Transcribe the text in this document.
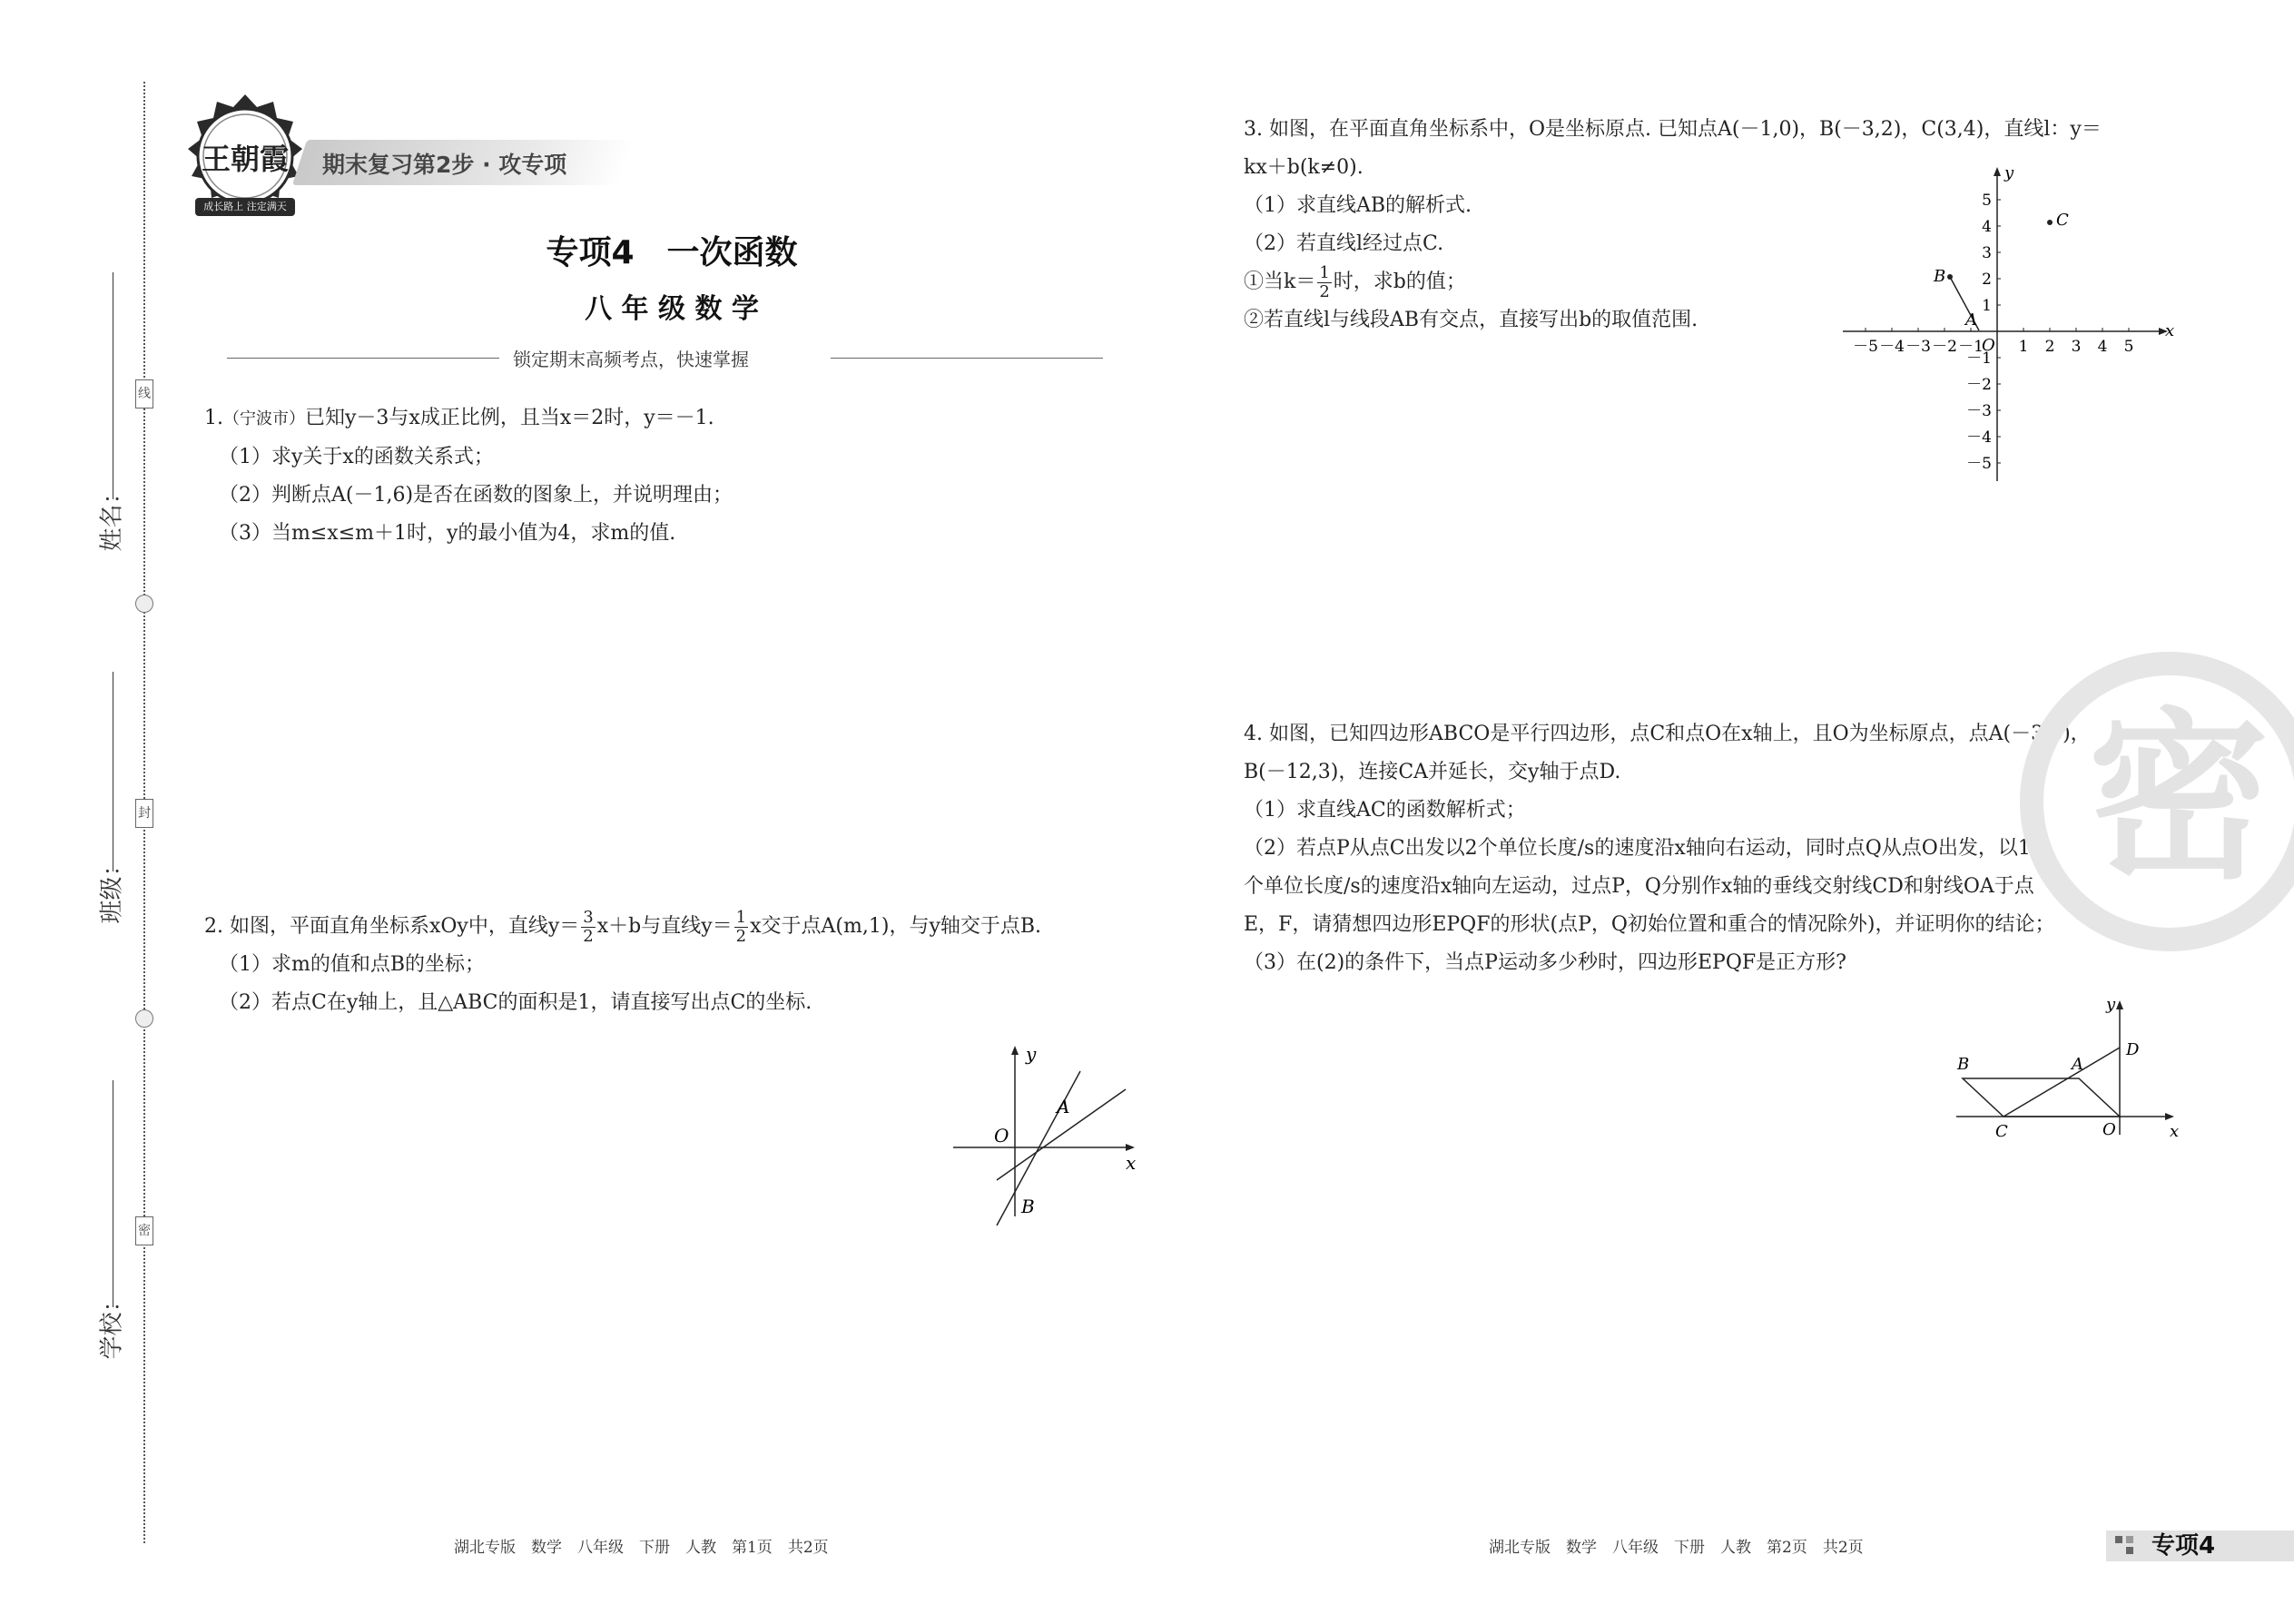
姓名：
班级：
学校：
线
封
密
王朝霞
成长路上 注定满天
期末复习第2步 · 攻专项
专项4　一次函数
八 年 级 数 学
锁定期末高频考点，快速掌握

1.（宁波市）已知y－3与x成正比例，且当x＝2时，y＝－1.

（1）求y关于x的函数关系式；

（2）判断点A(－1,6)是否在函数的图象上，并说明理由；

（3）当m≤x≤m＋1时，y的最小值为4，求m的值.

2. 如图，平面直角坐标系xOy中，直线$y= \frac{3}{2} x+b$与直线$y= \frac{1}{2}$ x交于点A(m,1)，与y轴交于点B.

（1）求m的值和点B的坐标；

（2）若点C在y轴上，且△ABC的面积是1，请直接写出点C的坐标.

y
x
O
A
B

3. 如图，在平面直角坐标系中，O是坐标原点. 已知点A(－1,0)，B(－3,2)，C(3,4)，直线l：y＝

kx＋b(k≠0).

（1）求直线AB的解析式.

（2）若直线l经过点C.

①当$k= \frac{1}{2}$ 时，求b的值；

②若直线l与线段AB有交点，直接写出b的取值范围.

－5 －4 －3 －2 －1 1 2 3 4 5
5
4
3
2
1
－1
－2
－3
－4
－5
x
y
O
A
B
C

4. 如图，已知四边形ABCO是平行四边形，点C和点O在x轴上，且O为坐标原点，点A(－3,3)，

B(－12,3)，连接CA并延长，交y轴于点D.

（1）求直线AC的函数解析式；

（2）若点P从点C出发以2个单位长度/s的速度沿x轴向右运动，同时点Q从点O出发，以1

个单位长度/s的速度沿x轴向左运动，过点P，Q分别作x轴的垂线交射线CD和射线OA于点

E，F，请猜想四边形EPQF的形状(点P，Q初始位置和重合的情况除外)，并证明你的结论；

（3）在(2)的条件下，当点P运动多少秒时，四边形EPQF是正方形?

y
x
B	A
D
C	O
密
湖北专版　数学　八年级　下册　人教　第1页　共2页	湖北专版　数学　八年级　下册　人教　第2页　共2页	专项4
